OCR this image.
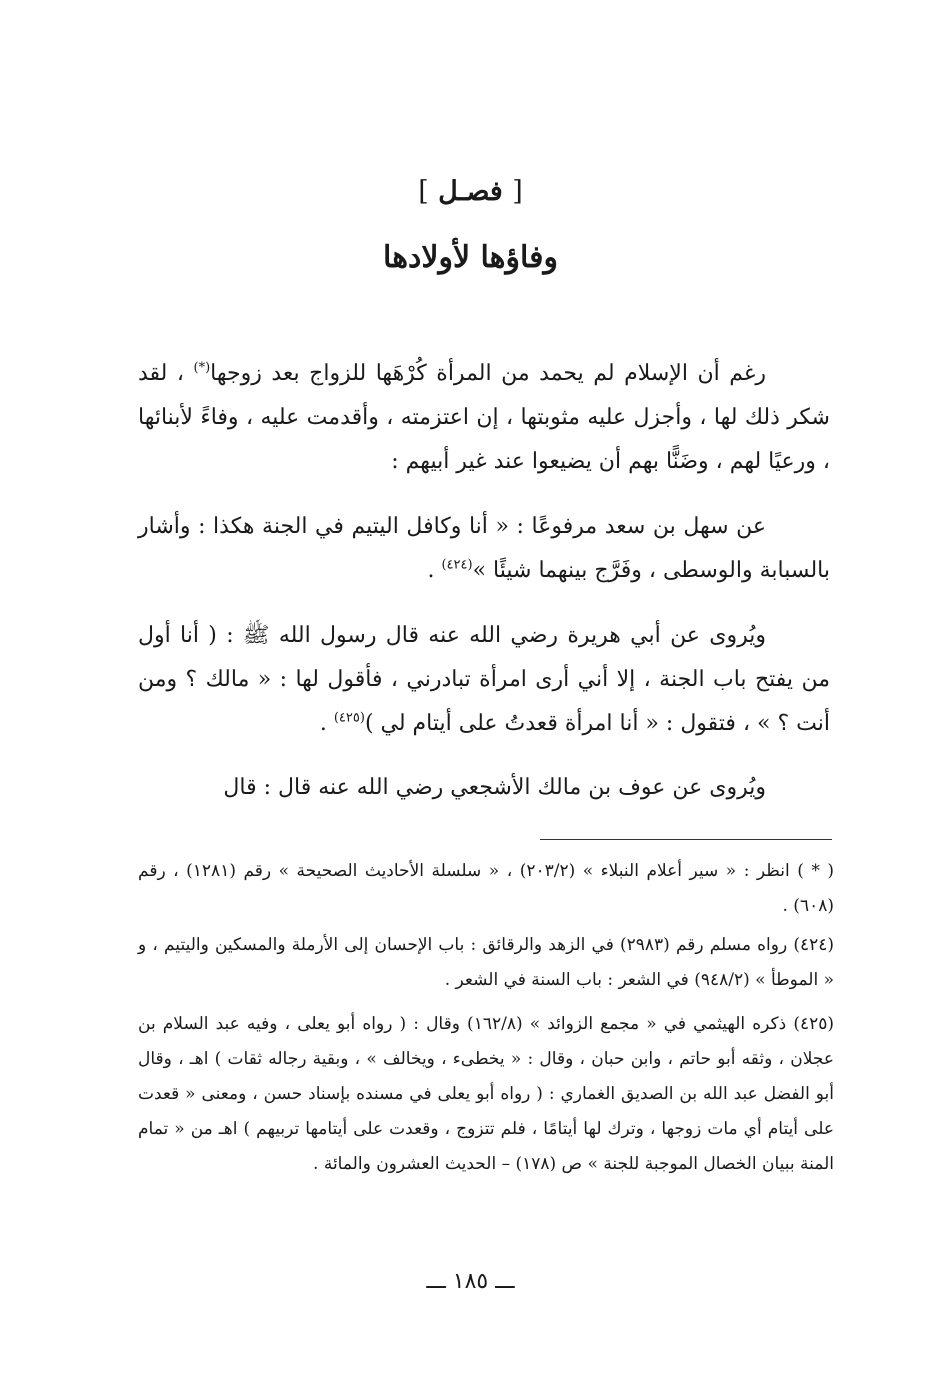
[ فصـل ]
وفاؤها لأولادها
رغم أن الإسلام لم يحمد من المرأة كُرْهَها للزواج بعد زوجها(*) ، لقد شكر ذلك لها ، وأجزل عليه مثوبتها ، إن اعتزمته ، وأقدمت عليه ، وفاءً لأبنائها ، ورعيًا لهم ، وضَنًّا بهم أن يضيعوا عند غير أبيهم :
عن سهل بن سعد مرفوعًا : « أنا وكافل اليتيم في الجنة هكذا : وأشار بالسبابة والوسطى ، وفَرَّج بينهما شيئًا »$^{(٤٢٤)}$ .
ويُروى عن أبي هريرة رضي الله عنه قال رسول الله ﷺ : ( أنا أول من يفتح باب الجنة ، إلا أني أرى امرأة تبادرني ، فأقول لها : « مالك ؟ ومن أنت ؟ » ، فتقول : « أنا امرأة قعدتُ على أيتام لي )$^{(٤٢٥)}$ .
ويُروى عن عوف بن مالك الأشجعي رضي الله عنه قال : قال
( * ) انظر : « سير أعلام النبلاء » (٢٠٣/٢) ، « سلسلة الأحاديث الصحيحة » رقم (١٢٨١) ، رقم (٦٠٨) .
(٤٢٤) رواه مسلم رقم (٢٩٨٣) في الزهد والرقائق : باب الإحسان إلى الأرملة والمسكين واليتيم ، و « الموطأ » (٩٤٨/٢) في الشعر : باب السنة في الشعر .
(٤٢٥) ذكره الهيثمي في « مجمع الزوائد » (١٦٢/٨) وقال : ( رواه أبو يعلى ، وفيه عبد السلام بن عجلان ، وثقه أبو حاتم ، وابن حبان ، وقال : « يخطىء ، ويخالف » ، وبقية رجاله ثقات ) اهـ ، وقال أبو الفضل عبد الله بن الصديق الغماري : ( رواه أبو يعلى في مسنده بإسناد حسن ، ومعنى « قعدت على أيتام أي مات زوجها ، وترك لها أيتامًا ، فلم تتزوج ، وقعدت على أيتامها تربيهم ) اهـ من « تمام المنة ببيان الخصال الموجبة للجنة » ص (١٧٨) – الحديث العشرون والمائة .
ـــ ١٨٥ ـــ
